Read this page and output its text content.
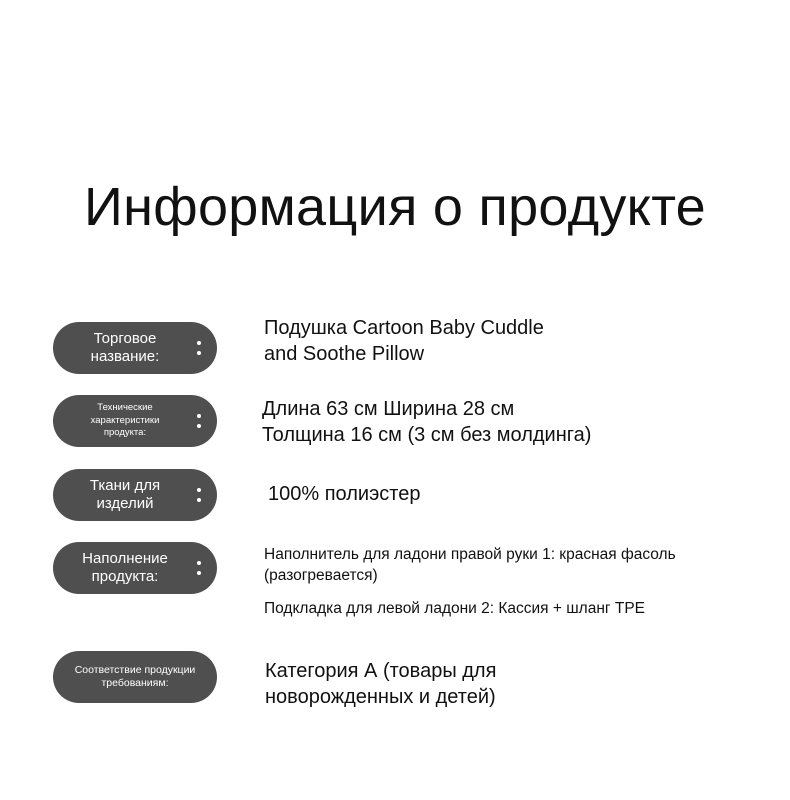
Информация о продукте
Торговое название:
Подушка Cartoon Baby Cuddle
and Soothe Pillow
Технические характеристики продукта:
Длина 63 см Ширина 28 см
Толщина 16 см (3 см без молдинга)
Ткани для изделий	100% полиэстер
Наполнение продукта:
Наполнитель для ладони правой руки 1: красная фасоль
(разогревается)
Подкладка для левой ладони 2: Кассия + шланг TPE
Соответствие продукции требованиям:
Категория А (товары для
новорожденных и детей)
